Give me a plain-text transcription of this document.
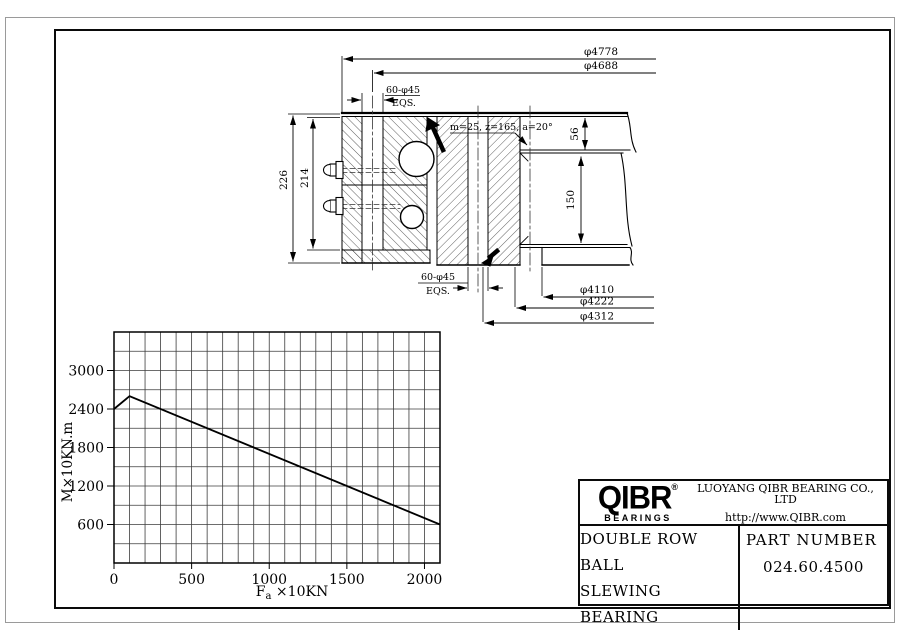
φ4778
φ4688
60-φ45
EQS.
m=25, z=165, a=20°
226 214
56
150
60-φ45
EQS.	φ4110
φ4222
φ4312
0	500	1000	1500	2000
600
1200
1800
2400
3000
M×10KN.m
$F_a \times 10KN$
QIBR®
BEARINGS
LUOYANG QIBR BEARING CO., LTD
http://www.QIBR.com
DOUBLE ROW BALL
SLEWING BEARING
PART NUMBER
024.60.4500
